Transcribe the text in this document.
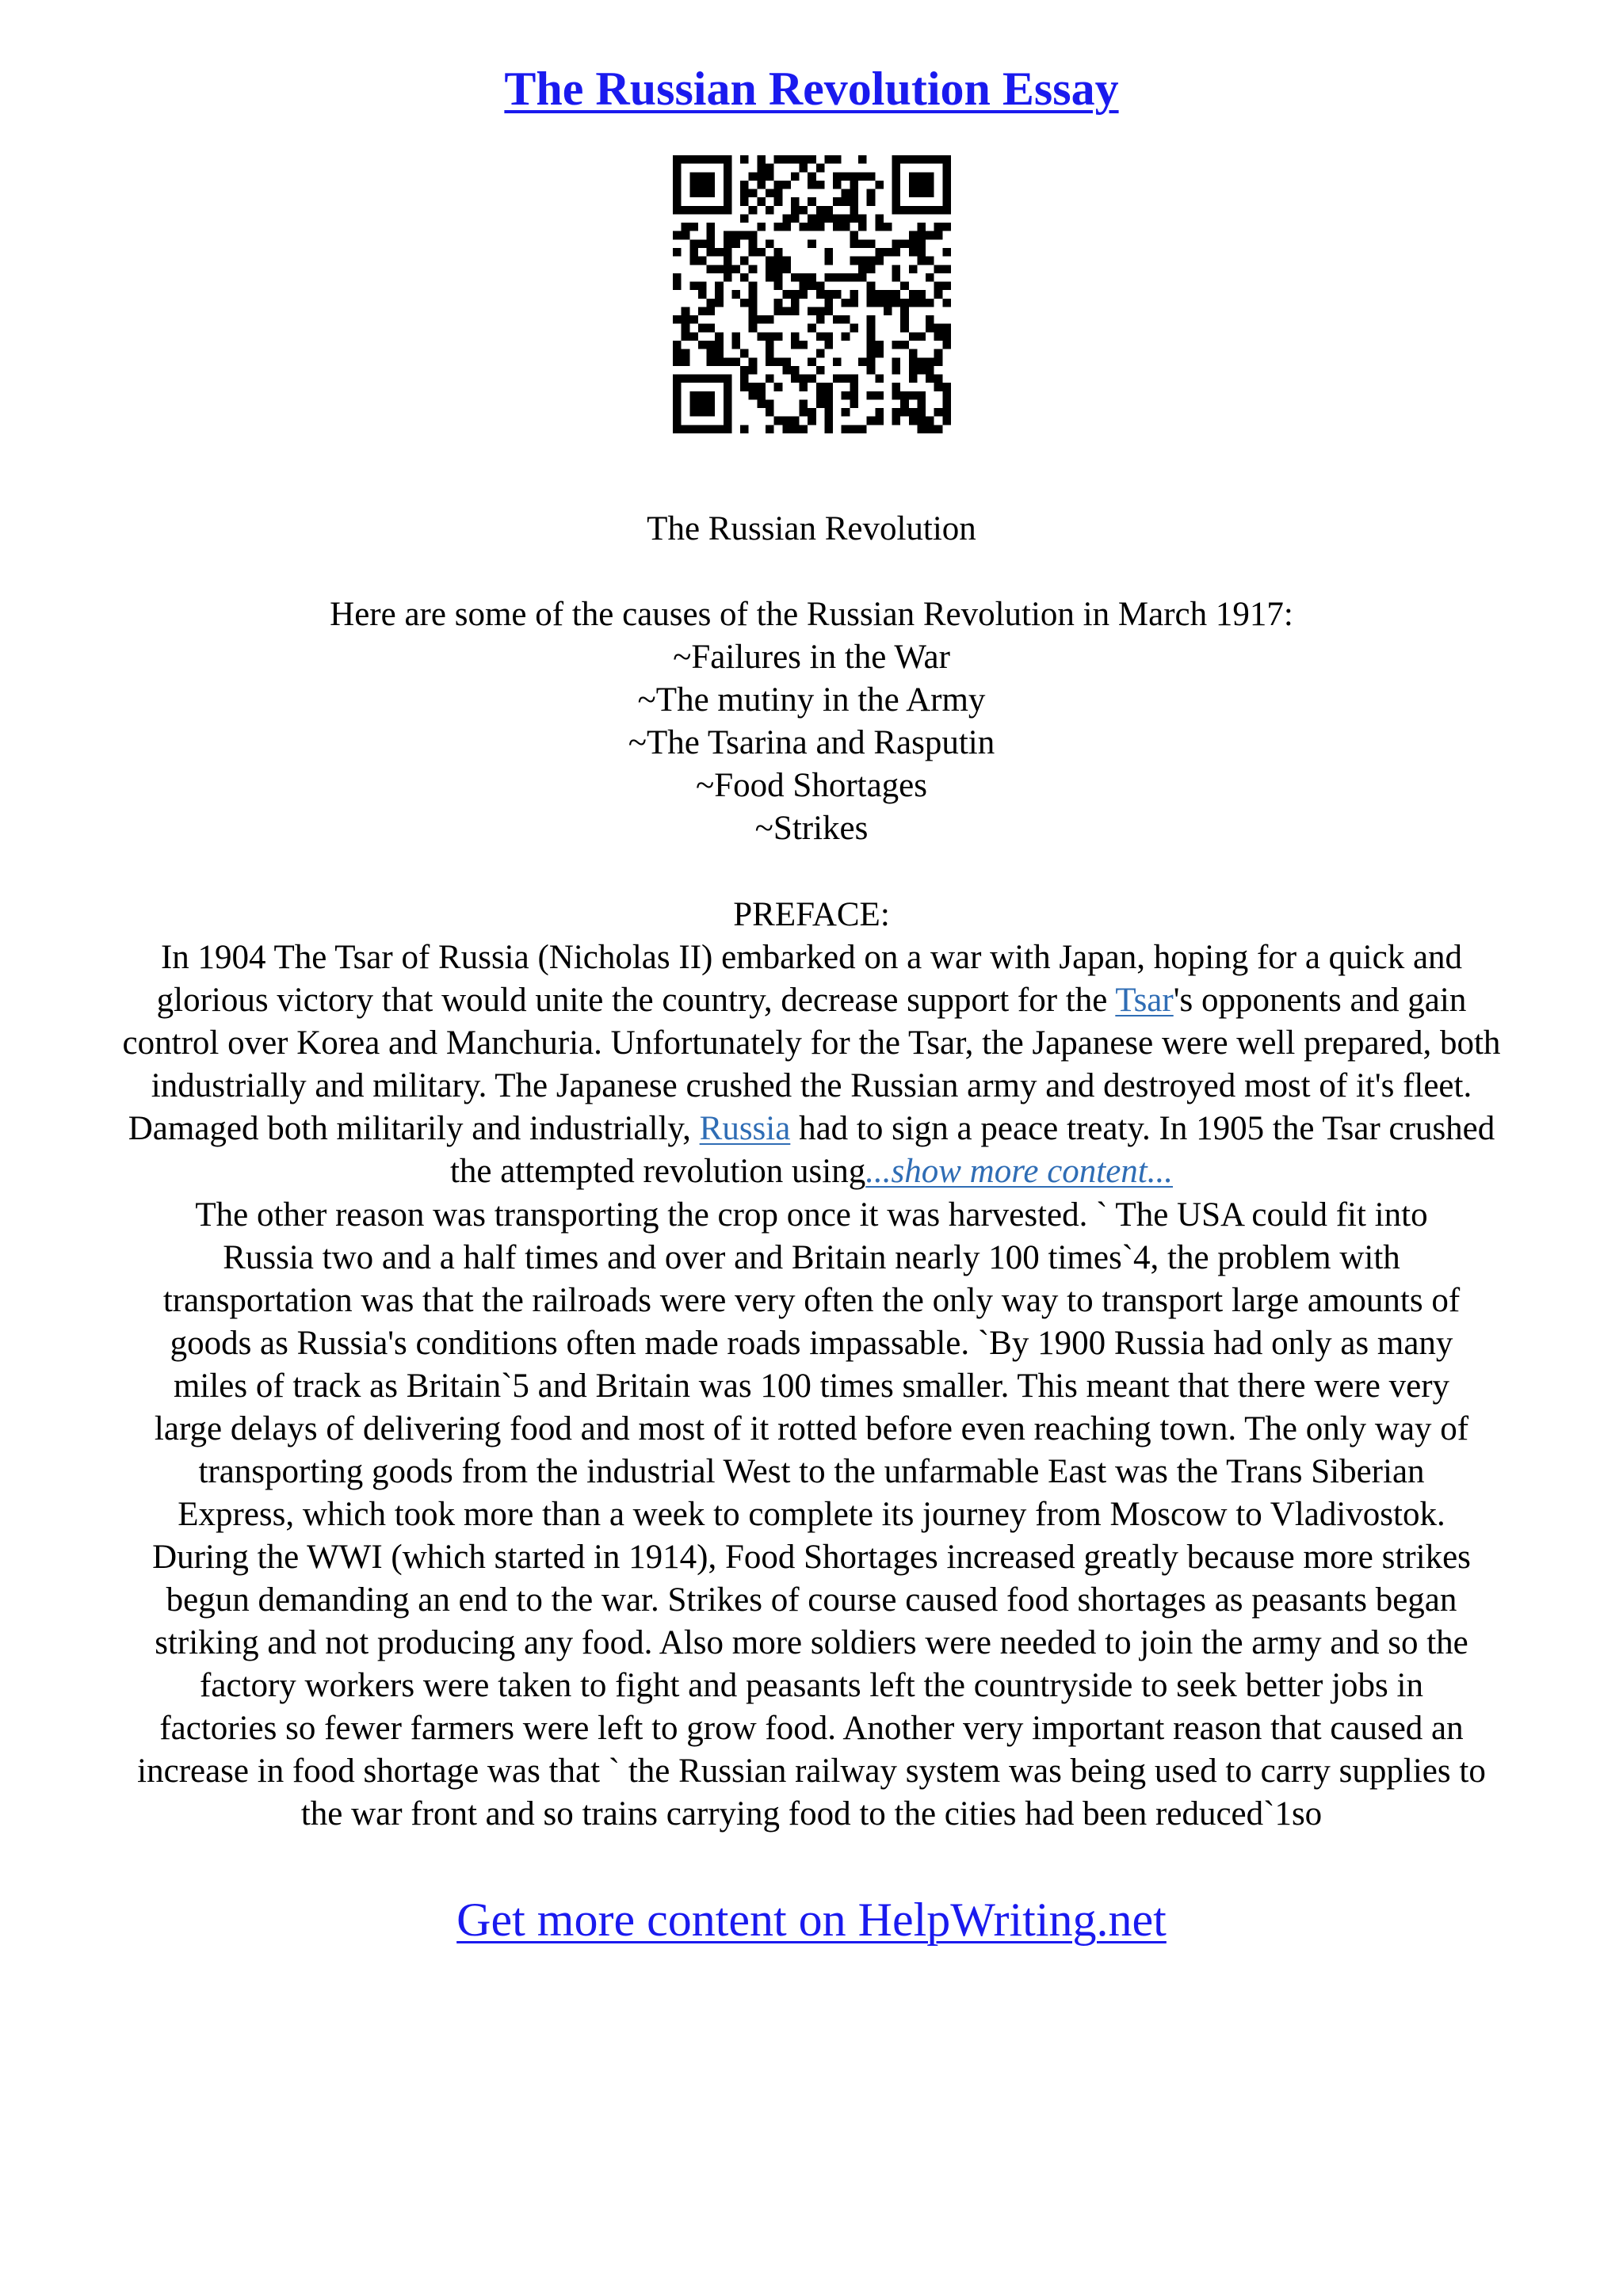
The Russian Revolution Essay
The Russian Revolution
Here are some of the causes of the Russian Revolution in March 1917:
~Failures in the War
~The mutiny in the Army
~The Tsarina and Rasputin
~Food Shortages
~Strikes
PREFACE:
In 1904 The Tsar of Russia (Nicholas II) embarked on a war with Japan, hoping for a quick and
glorious victory that would unite the country, decrease support for the Tsar's opponents and gain
control over Korea and Manchuria. Unfortunately for the Tsar, the Japanese were well prepared, both
industrially and military. The Japanese crushed the Russian army and destroyed most of it's fleet.
Damaged both militarily and industrially, Russia had to sign a peace treaty. In 1905 the Tsar crushed
the attempted revolution using...show more content...
The other reason was transporting the crop once it was harvested. ` The USA could fit into
Russia two and a half times and over and Britain nearly 100 times`4, the problem with
transportation was that the railroads were very often the only way to transport large amounts of
goods as Russia's conditions often made roads impassable. `By 1900 Russia had only as many
miles of track as Britain`5 and Britain was 100 times smaller. This meant that there were very
large delays of delivering food and most of it rotted before even reaching town. The only way of
transporting goods from the industrial West to the unfarmable East was the Trans Siberian
Express, which took more than a week to complete its journey from Moscow to Vladivostok.
During the WWI (which started in 1914), Food Shortages increased greatly because more strikes
begun demanding an end to the war. Strikes of course caused food shortages as peasants began
striking and not producing any food. Also more soldiers were needed to join the army and so the
factory workers were taken to fight and peasants left the countryside to seek better jobs in
factories so fewer farmers were left to grow food. Another very important reason that caused an
increase in food shortage was that ` the Russian railway system was being used to carry supplies to
the war front and so trains carrying food to the cities had been reduced`1so
Get more content on HelpWriting.net
